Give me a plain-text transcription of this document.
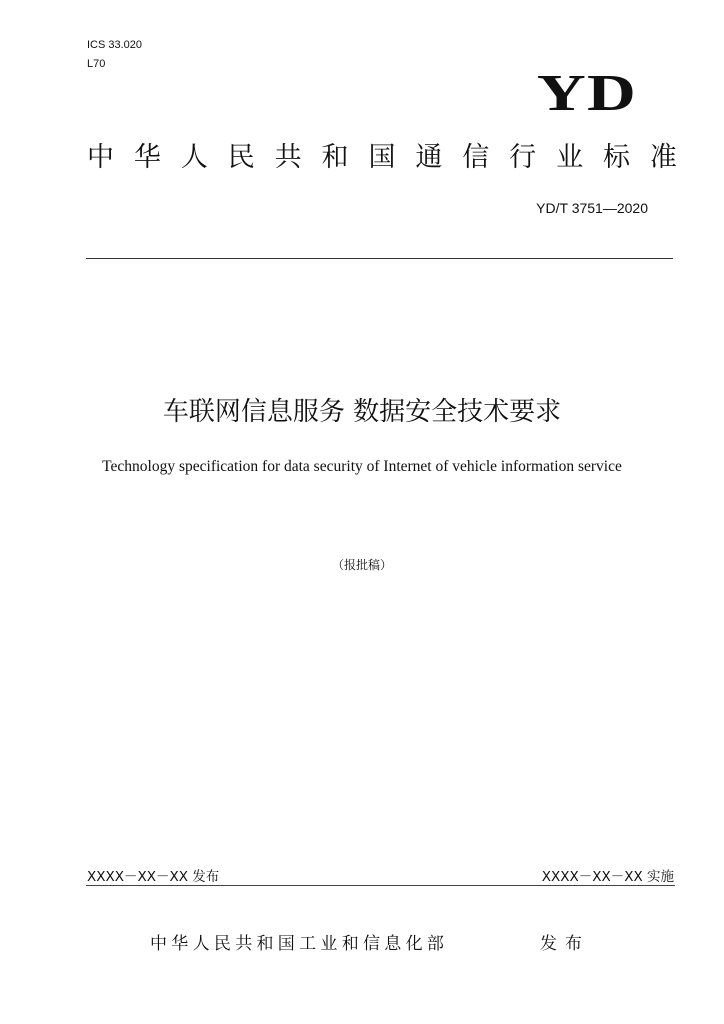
ICS 33.020
L70
YD
中 华 人 民 共 和 国 通 信 行 业 标 准
YD/T 3751—2020
车联网信息服务 数据安全技术要求
Technology specification for data security of Internet of vehicle information service
（报批稿）
XXXX－XX－XX 发布	XXXX－XX－XX 实施
中华人民共和国工业和信息化部	发布
